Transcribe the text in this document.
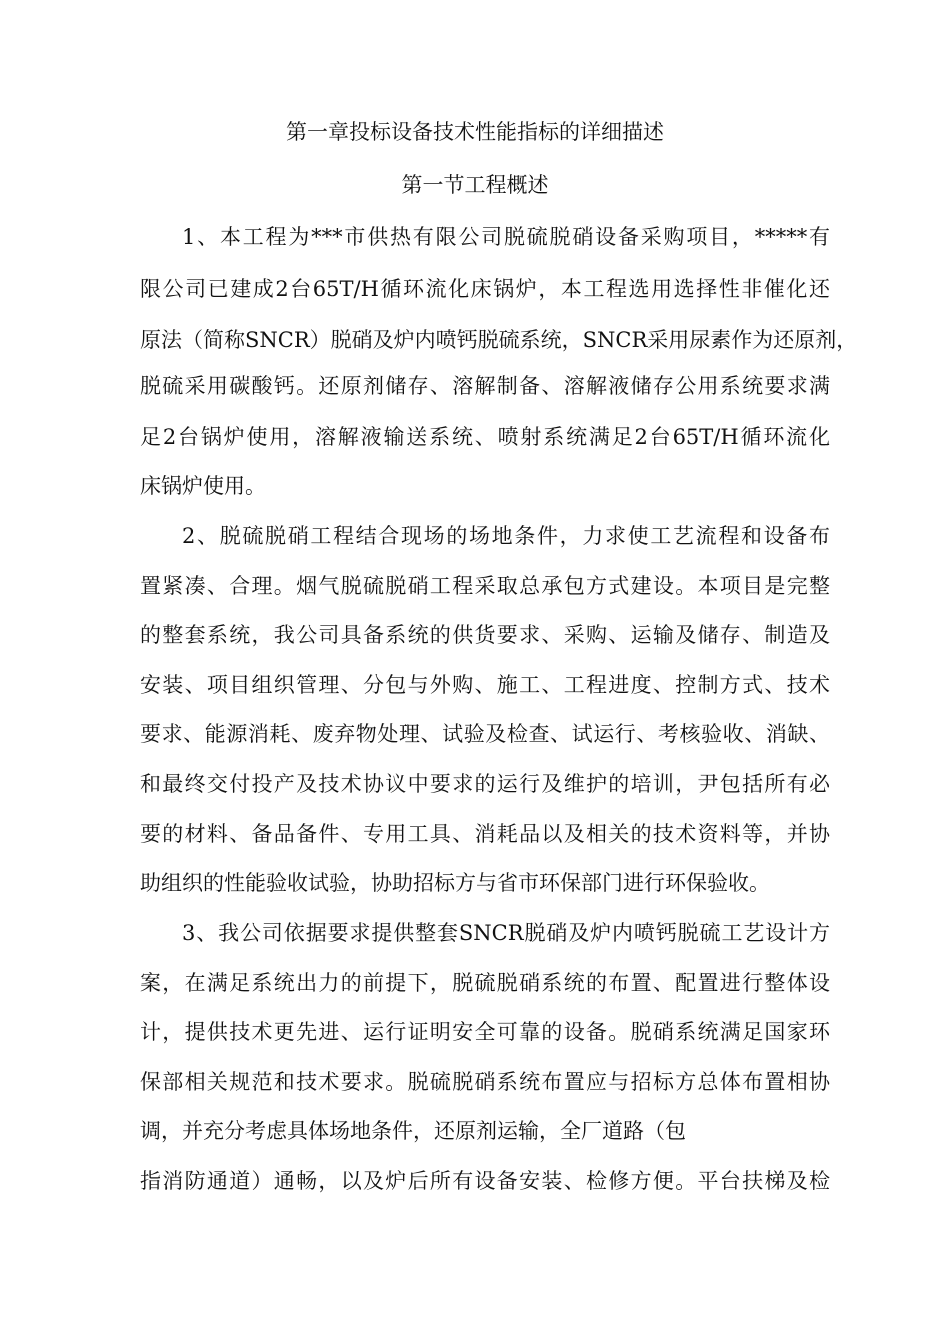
第一章投标设备技术性能指标的详细描述
第一节工程概述
1、本工程为***市供热有限公司脱硫脱硝设备采购项目，*****有
限公司已建成2台65T/H循环流化床锅炉，本工程选用选择性非催化还
原法（简称SNCR）脱硝及炉内喷钙脱硫系统，SNCR采用尿素作为还原剂，
脱硫采用碳酸钙。还原剂储存、溶解制备、溶解液储存公用系统要求满
足2台锅炉使用，溶解液输送系统、喷射系统满足2台65T/H循环流化
床锅炉使用。
2、脱硫脱硝工程结合现场的场地条件，力求使工艺流程和设备布
置紧凑、合理。烟气脱硫脱硝工程采取总承包方式建设。本项目是完整
的整套系统，我公司具备系统的供货要求、采购、运输及储存、制造及
安装、项目组织管理、分包与外购、施工、工程进度、控制方式、技术
要求、能源消耗、废弃物处理、试验及检查、试运行、考核验收、消缺、
和最终交付投产及技术协议中要求的运行及维护的培训，尹包括所有必
要的材料、备品备件、专用工具、消耗品以及相关的技术资料等，并协
助组织的性能验收试验，协助招标方与省市环保部门进行环保验收。
3、我公司依据要求提供整套SNCR脱硝及炉内喷钙脱硫工艺设计方
案，在满足系统出力的前提下，脱硫脱硝系统的布置、配置进行整体设
计，提供技术更先进、运行证明安全可靠的设备。脱硝系统满足国家环
保部相关规范和技术要求。脱硫脱硝系统布置应与招标方总体布置相协
调，并充分考虑具体场地条件，还原剂运输，全厂道路（包
指消防通道）通畅，以及炉后所有设备安装、检修方便。平台扶梯及检
